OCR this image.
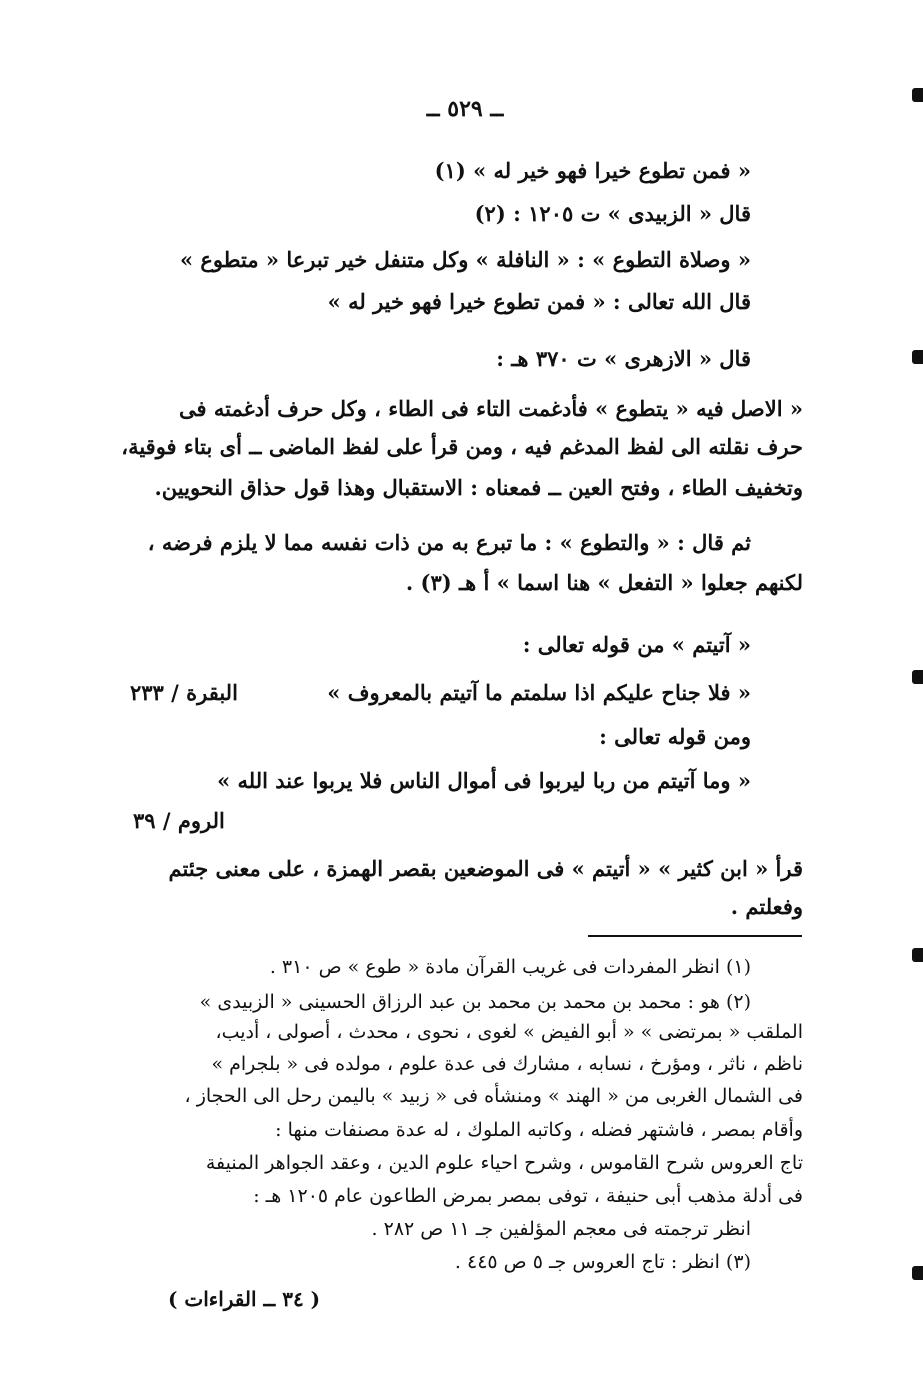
ــ ٥٢٩ ــ
« فمن تطوع خيرا فهو خير له » (١)
قال « الزبيدى » ت ١٢٠٥ : (٢)
« وصلاة التطوع » : « النافلة » وكل متنفل خير تبرعا « متطوع »
قال الله تعالى : « فمن تطوع خيرا فهو خير له »
قال « الازهرى » ت ٣٧٠ هـ :
« الاصل فيه « يتطوع » فأدغمت التاء فى الطاء ، وكل حرف أدغمته فى
حرف نقلته الى لفظ المدغم فيه ، ومن قرأ على لفظ الماضى ــ أى بتاء فوقية،
وتخفيف الطاء ، وفتح العين ــ فمعناه : الاستقبال وهذا قول حذاق النحويين.
ثم قال : « والتطوع » : ما تبرع به من ذات نفسه مما لا يلزم فرضه ،
لكنهم جعلوا « التفعل » هنا اسما » أ هـ (٣) .
« آتيتم » من قوله تعالى :
« فلا جناح عليكم اذا سلمتم ما آتيتم بالمعروف »
البقرة / ٢٣٣
ومن قوله تعالى :
« وما آتيتم من ربا ليربوا فى أموال الناس فلا يربوا عند الله »
الروم / ٣٩
قرأ « ابن كثير » « أتيتم » فى الموضعين بقصر الهمزة ، على معنى جئتم
وفعلتم .
(١) انظر المفردات فى غريب القرآن مادة « طوع » ص ٣١٠ .
(٢) هو : محمد بن محمد بن محمد بن عبد الرزاق الحسينى « الزبيدى »
الملقب « بمرتضى » « أبو الفيض » لغوى ، نحوى ، محدث ، أصولى ، أديب،
ناظم ، ناثر ، ومؤرخ ، نسابه ، مشارك فى عدة علوم ، مولده فى « بلجرام »
فى الشمال الغربى من « الهند » ومنشأه فى « زبيد » باليمن رحل الى الحجاز ،
وأقام بمصر ، فاشتهر فضله ، وكاتبه الملوك ، له عدة مصنفات منها :
تاج العروس شرح القاموس ، وشرح احياء علوم الدين ، وعقد الجواهر المنيفة
فى أدلة مذهب أبى حنيفة ، توفى بمصر بمرض الطاعون عام ١٢٠٥ هـ :
انظر ترجمته فى معجم المؤلفين جـ ١١ ص ٢٨٢ .
(٣) انظر : تاج العروس جـ ٥ ص ٤٤٥ .
( ٣٤ ــ القراءات )
